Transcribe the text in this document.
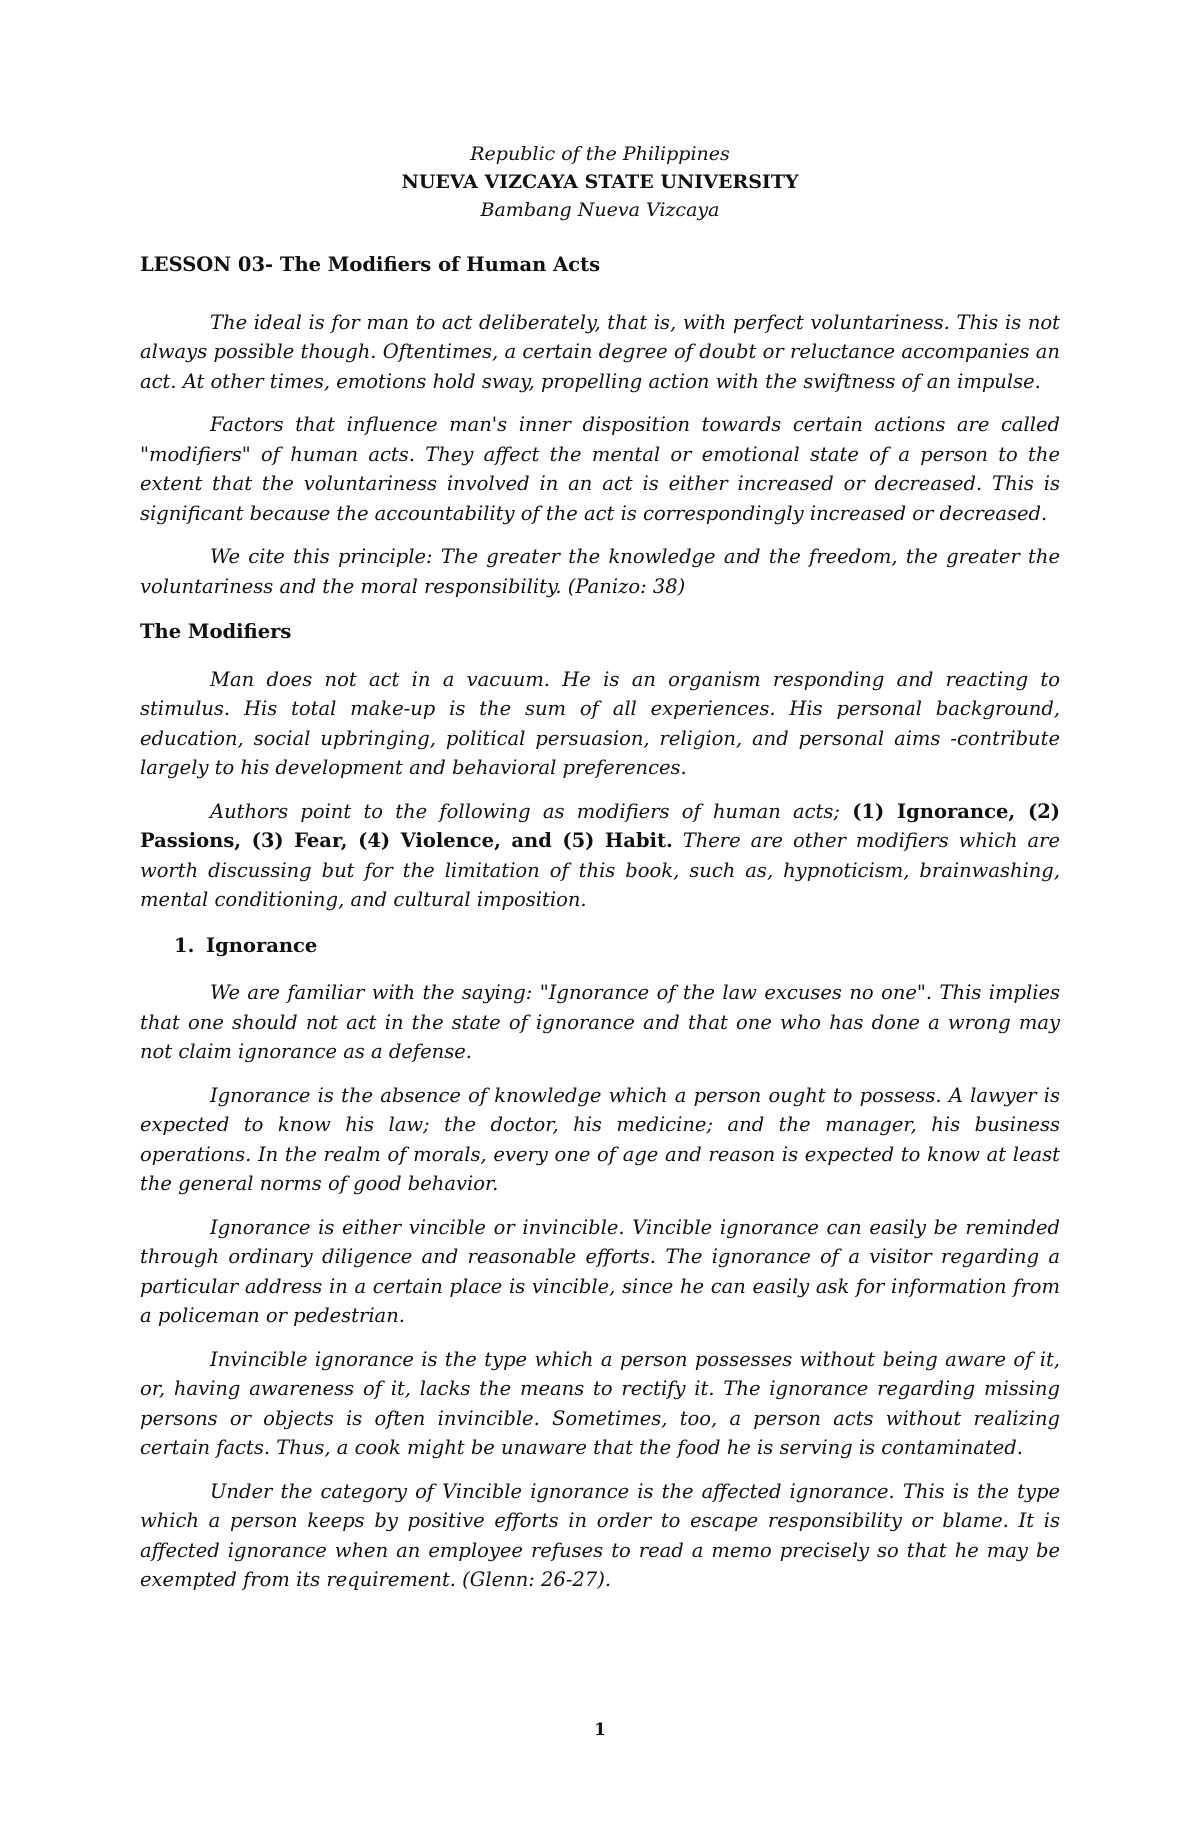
Republic of the Philippines
NUEVA VIZCAYA STATE UNIVERSITY
Bambang Nueva Vizcaya
LESSON 03- The Modifiers of Human Acts

The ideal is for man to act deliberately, that is, with perfect voluntariness. This is not always possible though. Oftentimes, a certain degree of doubt or reluctance accompanies an act. At other times, emotions hold sway, propelling action with the swiftness of an impulse.

Factors that influence man's inner disposition towards certain actions are called "modifiers" of human acts. They affect the mental or emotional state of a person to the extent that the voluntariness involved in an act is either increased or decreased. This is significant because the accountability of the act is correspondingly increased or decreased.

We cite this principle: The greater the knowledge and the freedom, the greater the voluntariness and the moral responsibility. (Panizo: 38)

The Modifiers

Man does not act in a vacuum. He is an organism responding and reacting to stimulus. His total make-up is the sum of all experiences. His personal background, education, social upbringing, political persuasion, religion, and personal aims -contribute largely to his development and behavioral preferences.

Authors point to the following as modifiers of human acts; (1) Ignorance, (2) Passions, (3) Fear, (4) Violence, and (5) Habit. There are other modifiers which are worth discussing but for the limitation of this book, such as, hypnoticism, brainwashing, mental conditioning, and cultural imposition.

1. Ignorance

We are familiar with the saying: "Ignorance of the law excuses no one". This implies that one should not act in the state of ignorance and that one who has done a wrong may not claim ignorance as a defense.

Ignorance is the absence of knowledge which a person ought to possess. A lawyer is expected to know his law; the doctor, his medicine; and the manager, his business operations. In the realm of morals, every one of age and reason is expected to know at least the general norms of good behavior.

Ignorance is either vincible or invincible. Vincible ignorance can easily be reminded through ordinary diligence and reasonable efforts. The ignorance of a visitor regarding a particular address in a certain place is vincible, since he can easily ask for information from a policeman or pedestrian.

Invincible ignorance is the type which a person possesses without being aware of it, or, having awareness of it, lacks the means to rectify it. The ignorance regarding missing persons or objects is often invincible. Sometimes, too, a person acts without realizing certain facts. Thus, a cook might be unaware that the food he is serving is contaminated.

Under the category of Vincible ignorance is the affected ignorance. This is the type which a person keeps by positive efforts in order to escape responsibility or blame. It is affected ignorance when an employee refuses to read a memo precisely so that he may be exempted from its requirement. (Glenn: 26-27).

1
